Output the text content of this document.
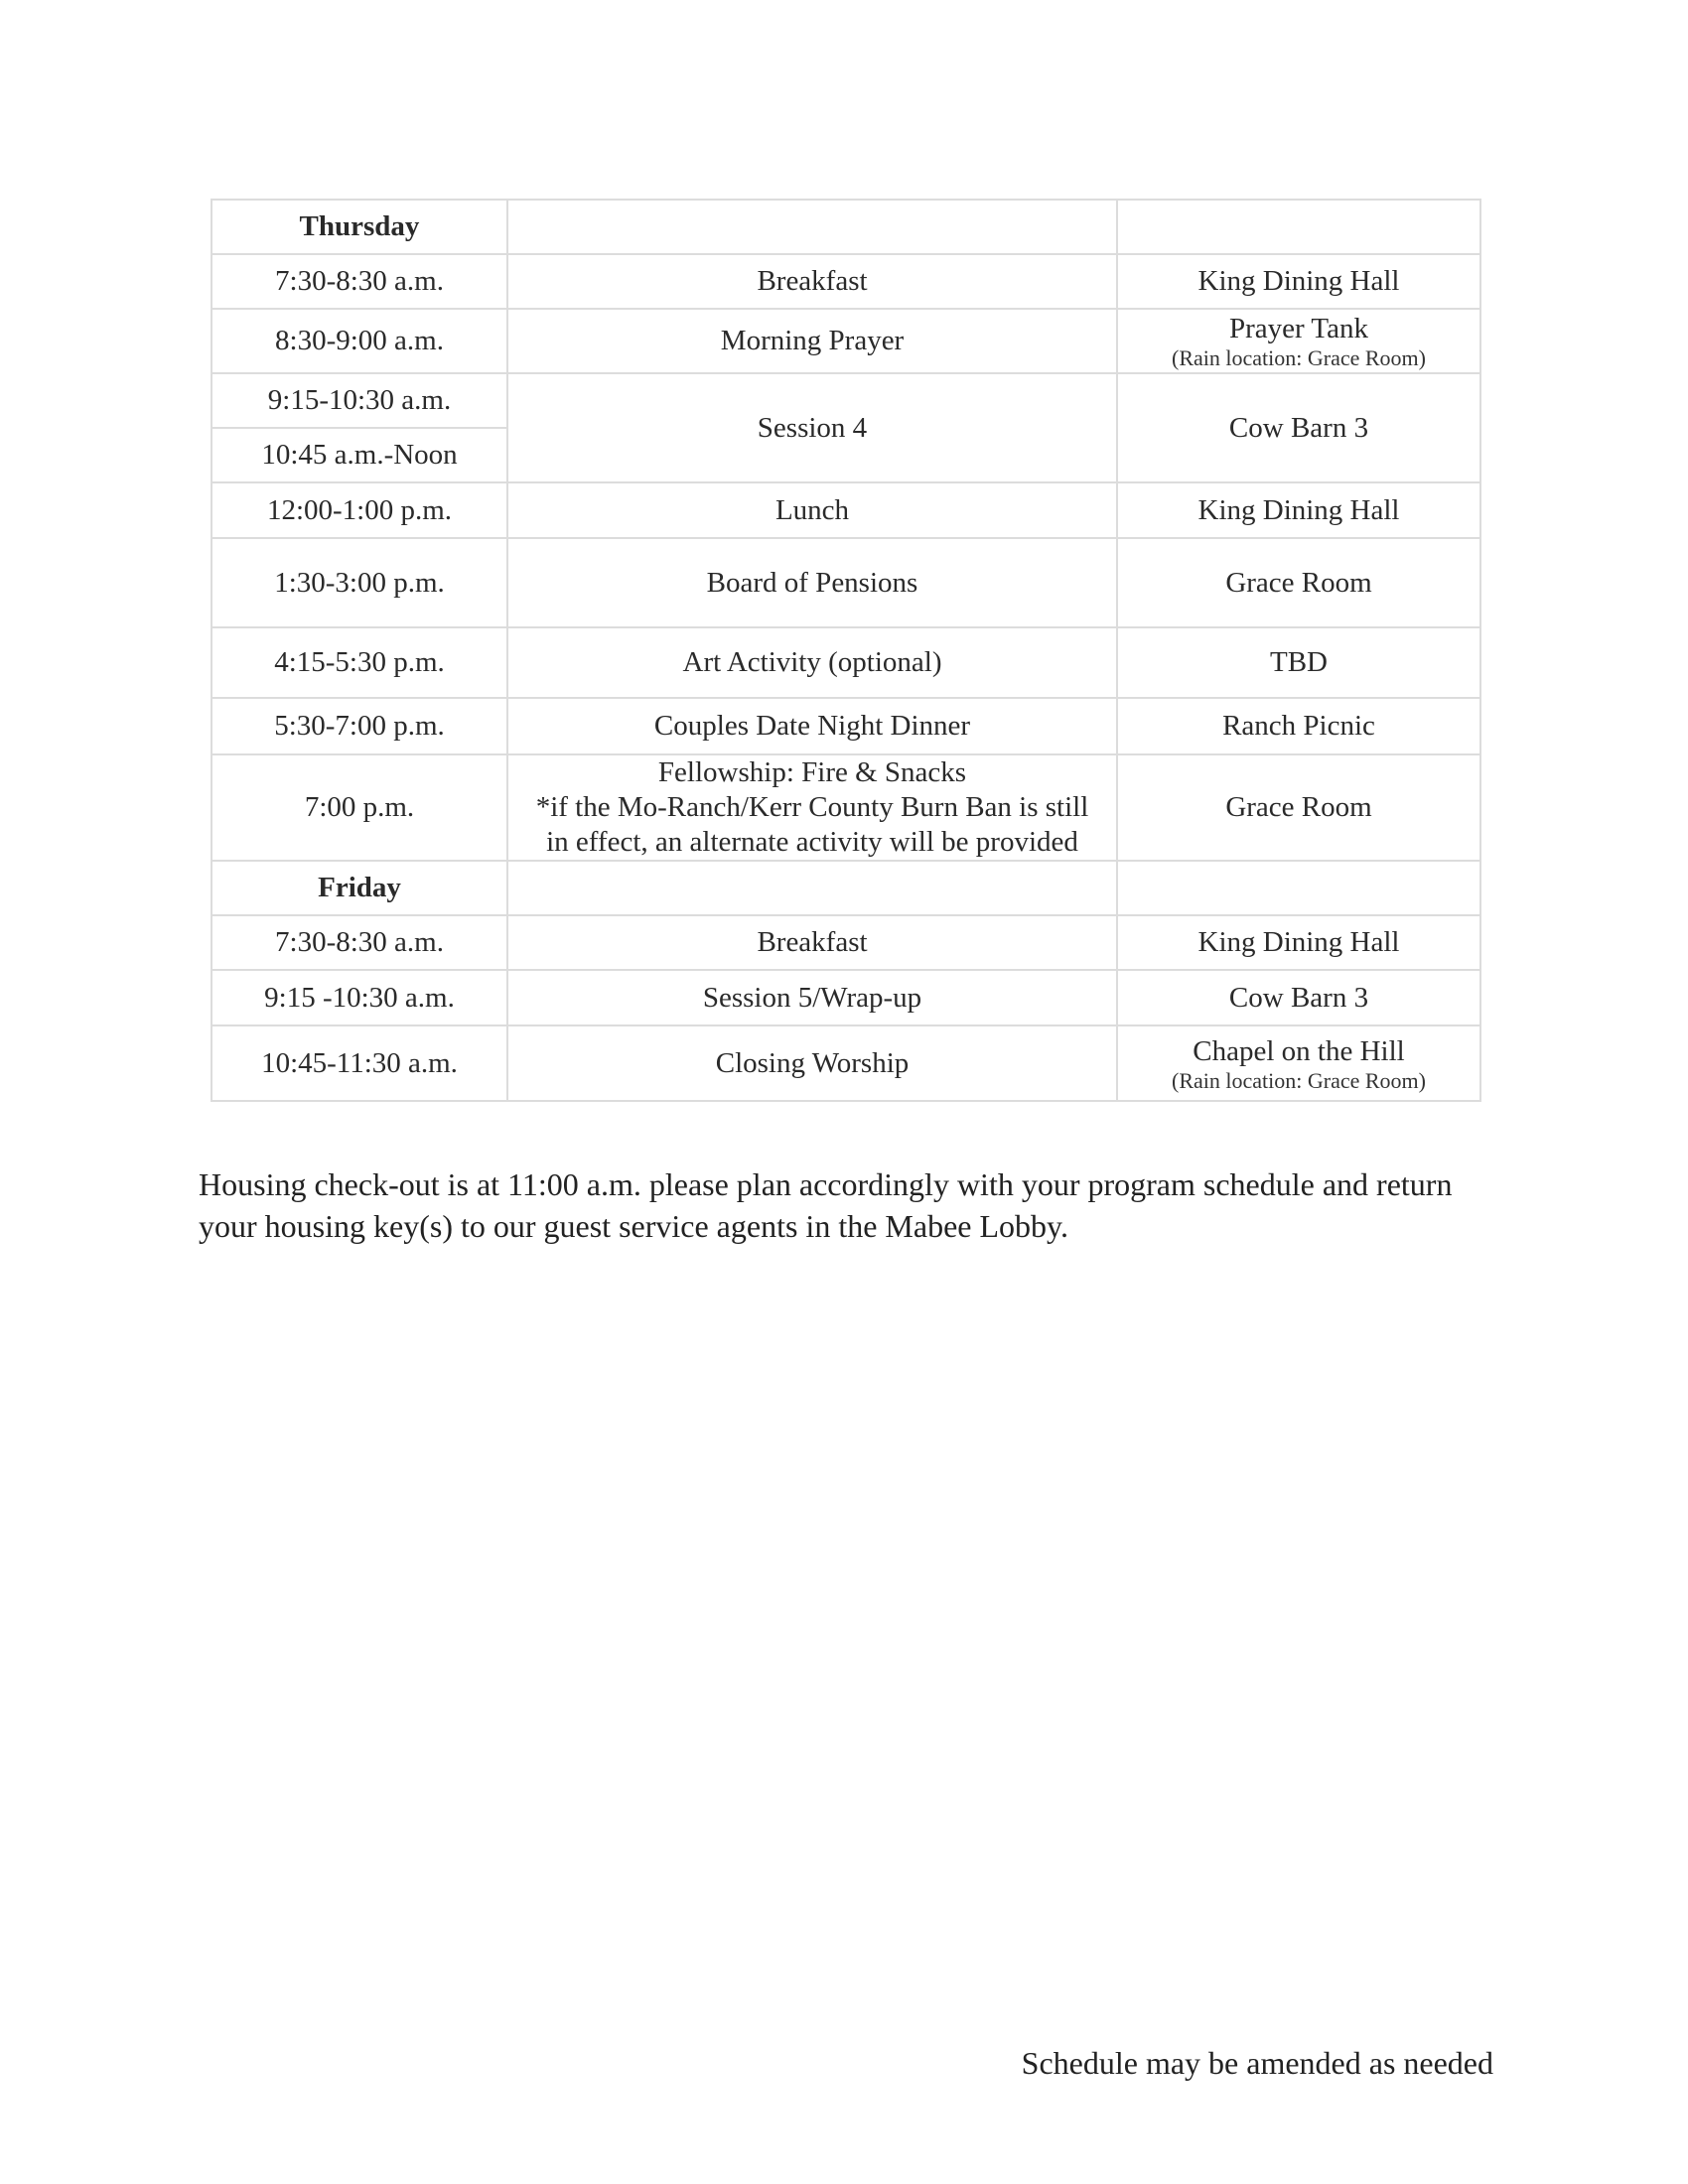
Thursday		
7:30-8:30 a.m.	Breakfast	King Dining Hall
8:30-9:00 a.m.	Morning Prayer	Prayer Tank
(Rain location: Grace Room)

9:15-10:30 a.m.	Session 4	Cow Barn 3
10:45 a.m.-Noon		
12:00-1:00 p.m.	Lunch	King Dining Hall
1:30-3:00 p.m.	Board of Pensions	Grace Room
4:15-5:30 p.m.	Art Activity (optional)	TBD
5:30-7:00 p.m.	Couples Date Night Dinner	Ranch Picnic
7:00 p.m.	Fellowship: Fire & Snacks
*if the Mo-Ranch/Kerr County Burn Ban is still
in effect, an alternate activity will be provided	Grace Room
Friday		
7:30-8:30 a.m.	Breakfast	King Dining Hall
9:15 -10:30 a.m.	Session 5/Wrap-up	Cow Barn 3
10:45-11:30 a.m.	Closing Worship	Chapel on the Hill
(Rain location: Grace Room)

Housing check-out is at 11:00 a.m. please plan accordingly with your program schedule and return your housing key(s) to our guest service agents in the Mabee Lobby.

Schedule may be amended as needed
